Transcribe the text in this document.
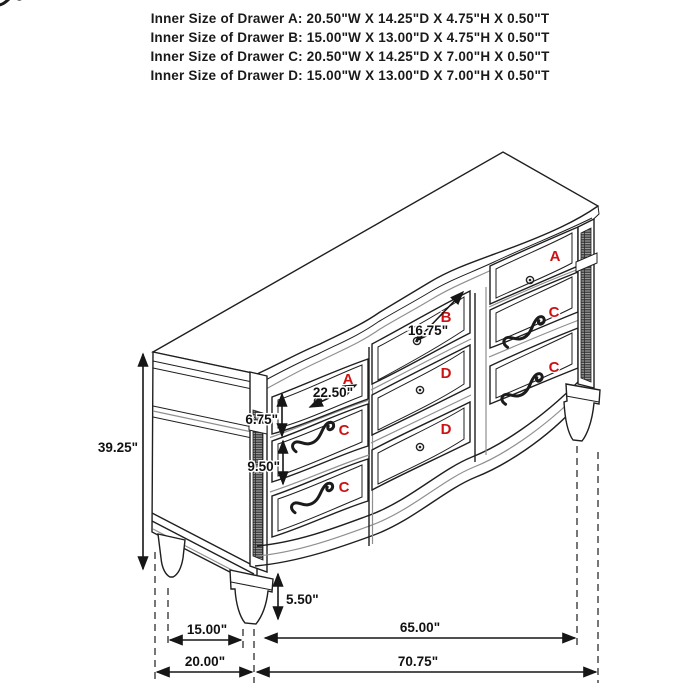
Inner Size of Drawer A: 20.50"W X 14.25"D X 4.75"H X 0.50"T
Inner Size of Drawer B: 15.00"W X 13.00"D X 4.75"H X 0.50"T
Inner Size of Drawer C: 20.50"W X 14.25"D X 7.00"H X 0.50"T
Inner Size of Drawer D: 15.00"W X 13.00"D X 7.00"H X 0.50"T
A
B
A
C
D
C
C
D
C
39.25"
6.75"
9.50"
22.50"
16.75"
5.50"
15.00"	65.00"
20.00"	70.75"
